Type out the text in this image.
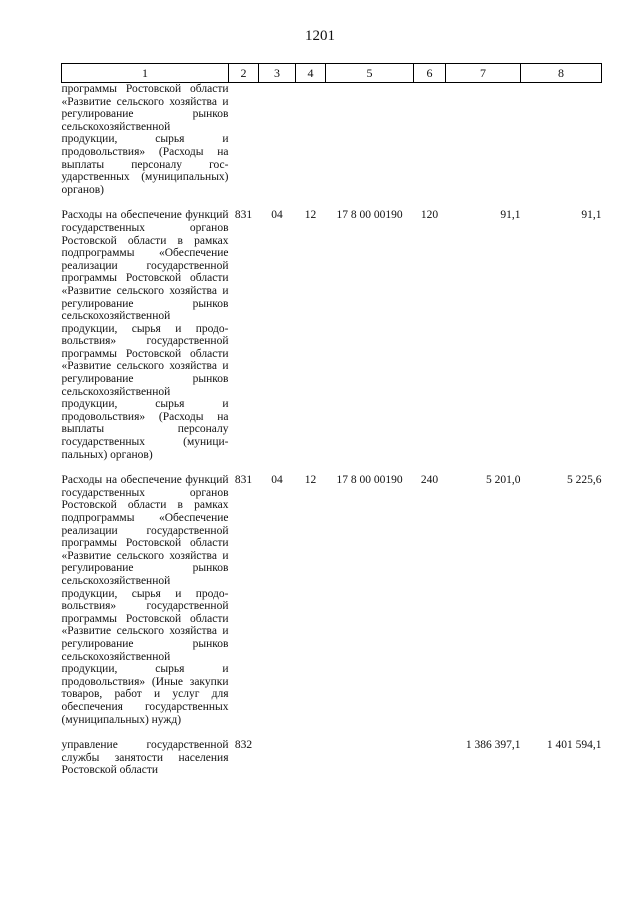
1201
1	2	3	4	5	6	7	8
программы Ростовской области «Развитие сельского хозяйства и регулирование рынков сельскохозяйственной продукции, сырья и продовольствия» (Расходы на выплаты персоналу государственных (муниципальных) органов)							

Расходы на обеспечение функций государственных органов Ростовской области в рамках подпрограммы «Обеспечение реализации государственной программы Ростовской области «Развитие сельского хозяйства и регулирование рынков сельскохозяйственной продукции, сырья и продовольствия» государственной программы Ростовской области «Развитие сельского хозяйства и регулирование рынков сельскохозяйственной продукции, сырья и продовольствия» (Расходы на выплаты персоналу государственных (муниципальных) органов)	831	04	12	17 8 00 00190	120	91,1	91,1

Расходы на обеспечение функций государственных органов Ростовской области в рамках подпрограммы «Обеспечение реализации государственной программы Ростовской области «Развитие сельского хозяйства и регулирование рынков сельскохозяйственной продукции, сырья и продовольствия» государственной программы Ростовской области «Развитие сельского хозяйства и регулирование рынков сельскохозяйственной продукции, сырья и продовольствия» (Иные закупки товаров, работ и услуг для обеспечения государственных (муниципальных) нужд)	831	04	12	17 8 00 00190	240	5 201,0	5 225,6

управление государственной службы занятости населения Ростовской области	832					1 386 397,1	1 401 594,1
